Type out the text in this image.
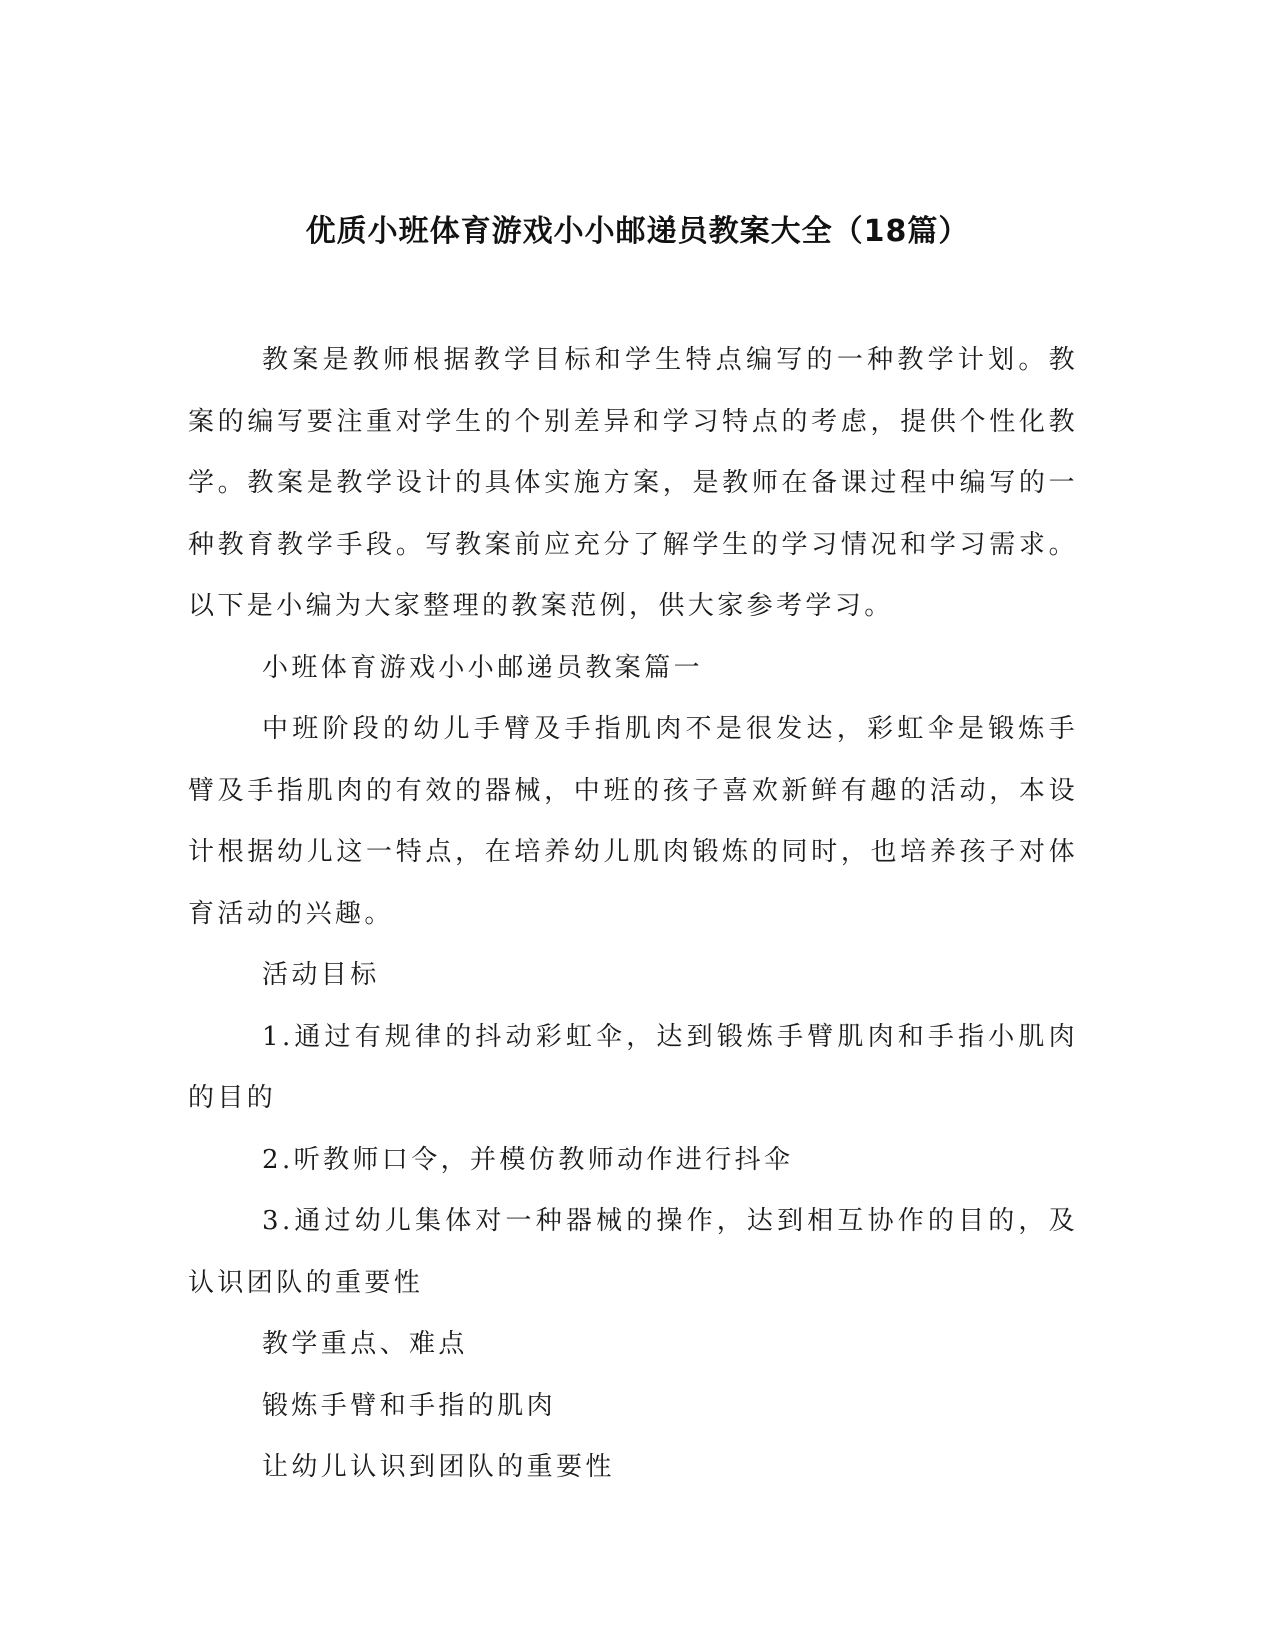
优质小班体育游戏小小邮递员教案大全（18篇）

教案是教师根据教学目标和学生特点编写的一种教学计划。教案的编写要注重对学生的个别差异和学习特点的考虑，提供个性化教学。教案是教学设计的具体实施方案，是教师在备课过程中编写的一种教育教学手段。写教案前应充分了解学生的学习情况和学习需求。以下是小编为大家整理的教案范例，供大家参考学习。

小班体育游戏小小邮递员教案篇一

中班阶段的幼儿手臂及手指肌肉不是很发达，彩虹伞是锻炼手臂及手指肌肉的有效的器械，中班的孩子喜欢新鲜有趣的活动，本设计根据幼儿这一特点，在培养幼儿肌肉锻炼的同时，也培养孩子对体育活动的兴趣。

活动目标

1.通过有规律的抖动彩虹伞，达到锻炼手臂肌肉和手指小肌肉的目的

2.听教师口令，并模仿教师动作进行抖伞

3.通过幼儿集体对一种器械的操作，达到相互协作的目的，及认识团队的重要性

教学重点、难点

锻炼手臂和手指的肌肉

让幼儿认识到团队的重要性
